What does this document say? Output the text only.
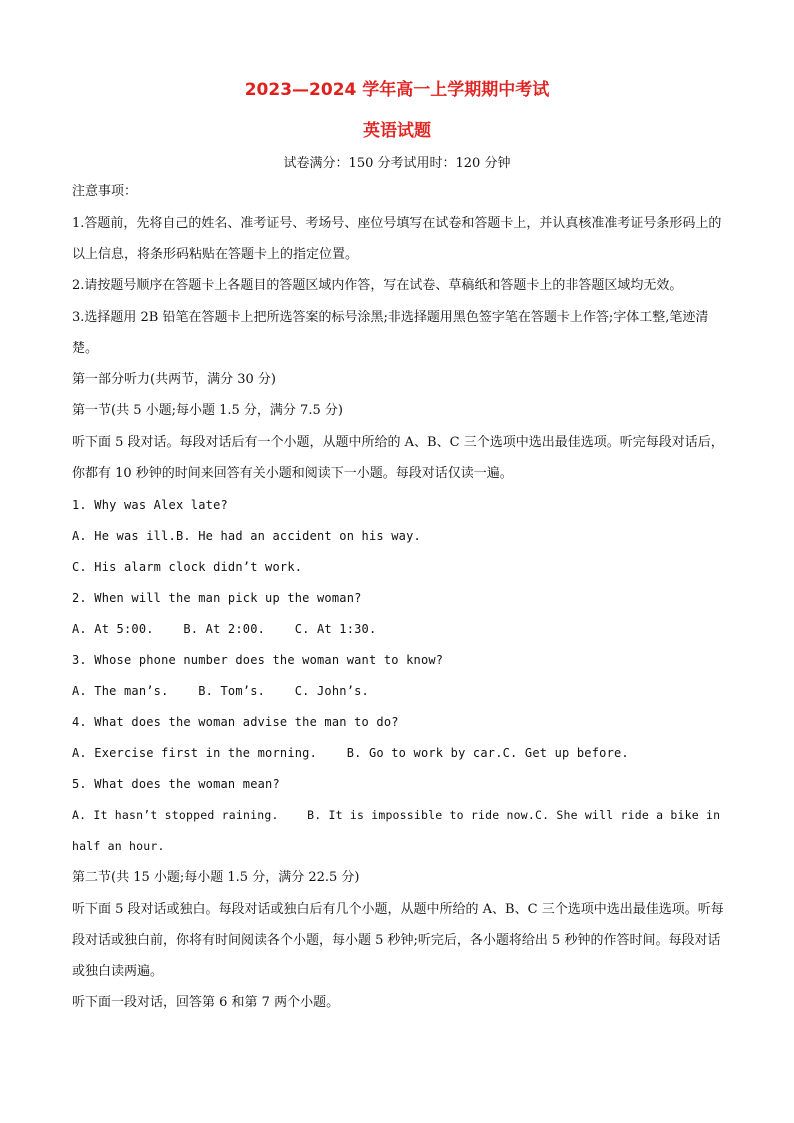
2023—2024 学年高一上学期期中考试
英语试题
试卷满分：150 分考试用时：120 分钟
注意事项：
1.答题前，先将自己的姓名、准考证号、考场号、座位号填写在试卷和答题卡上，并认真核准准考证号条形码上的以上信息，将条形码粘贴在答题卡上的指定位置。
2.请按题号顺序在答题卡上各题目的答题区域内作答，写在试卷、草稿纸和答题卡上的非答题区域均无效。
3.选择题用 2B 铅笔在答题卡上把所选答案的标号涂黑;非选择题用黑色签字笔在答题卡上作答;字体工整,笔迹清楚。
第一部分听力(共两节，满分 30 分)
第一节(共 5 小题;每小题 1.5 分，满分 7.5 分)
听下面 5 段对话。每段对话后有一个小题，从题中所给的 A、B、C 三个选项中选出最佳选项。听完每段对话后，你都有 10 秒钟的时间来回答有关小题和阅读下一小题。每段对话仅读一遍。
1. Why was Alex late?
A. He was ill.B. He had an accident on his way.
C. His alarm clock didn’t work.
2. When will the man pick up the woman?
A. At 5:00.    B. At 2:00.    C. At 1:30.
3. Whose phone number does the woman want to know?
A. The man’s.    B. Tom’s.    C. John’s.
4. What does the woman advise the man to do?
A. Exercise first in the morning.    B. Go to work by car.C. Get up before.
5. What does the woman mean?
A. It hasn’t stopped raining.    B. It is impossible to ride now.C. She will ride a bike in half an hour.
第二节(共 15 小题;每小题 1.5 分，满分 22.5 分)
听下面 5 段对话或独白。每段对话或独白后有几个小题，从题中所给的 A、B、C 三个选项中选出最佳选项。听每段对话或独白前，你将有时间阅读各个小题，每小题 5 秒钟;听完后，各小题将给出 5 秒钟的作答时间。每段对话或独白读两遍。
听下面一段对话，回答第 6 和第 7 两个小题。
